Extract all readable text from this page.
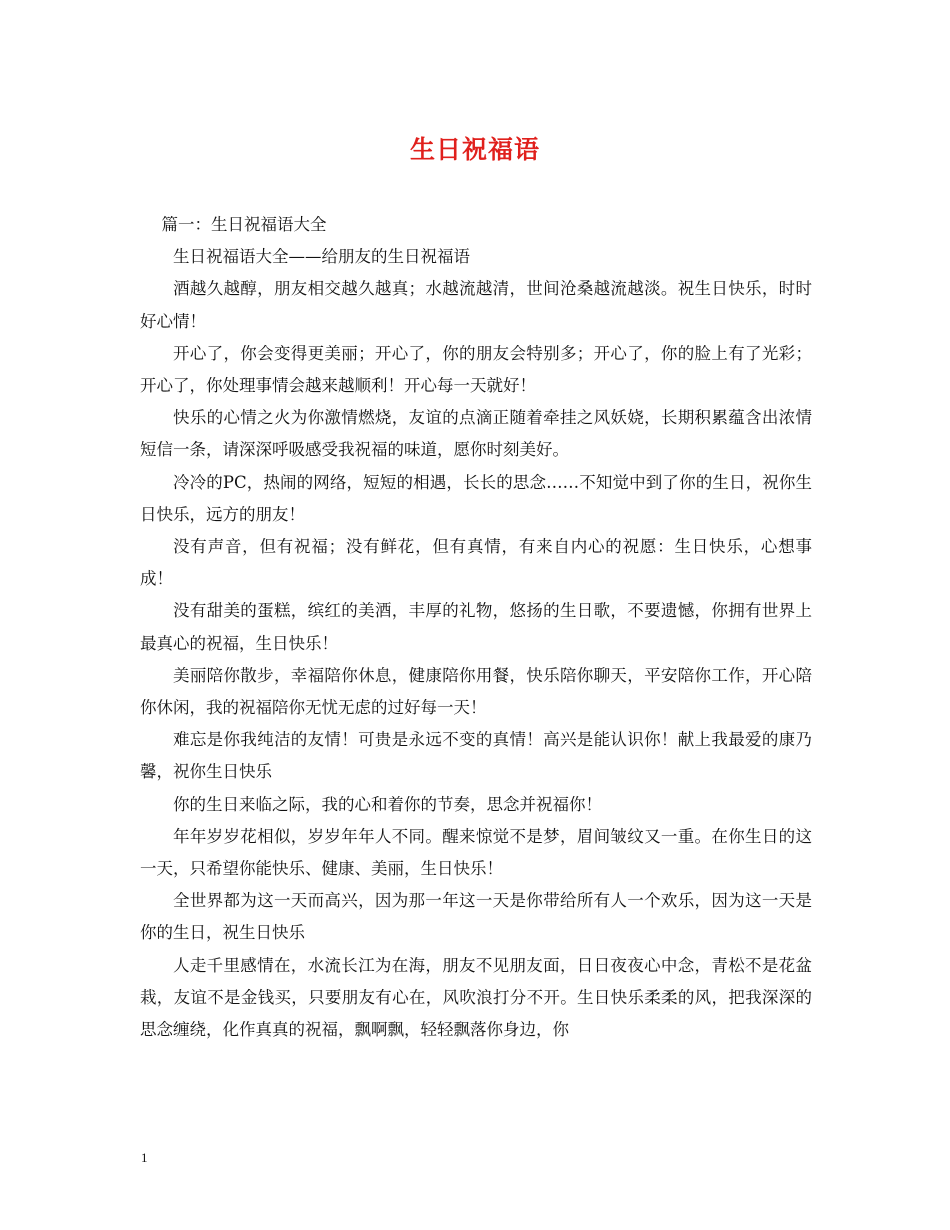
生日祝福语

篇一：生日祝福语大全

生日祝福语大全——给朋友的生日祝福语

酒越久越醇，朋友相交越久越真；水越流越清，世间沧桑越流越淡。祝生日快乐，时时好心情！

开心了，你会变得更美丽；开心了，你的朋友会特别多；开心了，你的脸上有了光彩；开心了，你处理事情会越来越顺利！开心每一天就好！

快乐的心情之火为你激情燃烧，友谊的点滴正随着牵挂之风妖娆，长期积累蕴含出浓情短信一条，请深深呼吸感受我祝福的味道，愿你时刻美好。

冷冷的PC，热闹的网络，短短的相遇，长长的思念……不知觉中到了你的生日，祝你生日快乐，远方的朋友！

没有声音，但有祝福；没有鲜花，但有真情，有来自内心的祝愿：生日快乐，心想事成！

没有甜美的蛋糕，缤红的美酒，丰厚的礼物，悠扬的生日歌，不要遗憾，你拥有世界上最真心的祝福，生日快乐！

美丽陪你散步，幸福陪你休息，健康陪你用餐，快乐陪你聊天，平安陪你工作，开心陪你休闲，我的祝福陪你无忧无虑的过好每一天！

难忘是你我纯洁的友情！可贵是永远不变的真情！高兴是能认识你！献上我最爱的康乃馨，祝你生日快乐

你的生日来临之际，我的心和着你的节奏，思念并祝福你！

年年岁岁花相似，岁岁年年人不同。醒来惊觉不是梦，眉间皱纹又一重。在你生日的这一天，只希望你能快乐、健康、美丽，生日快乐！

全世界都为这一天而高兴，因为那一年这一天是你带给所有人一个欢乐，因为这一天是你的生日，祝生日快乐

人走千里感情在，水流长江为在海，朋友不见朋友面，日日夜夜心中念，青松不是花盆栽，友谊不是金钱买，只要朋友有心在，风吹浪打分不开。生日快乐柔柔的风，把我深深的思念缠绕，化作真真的祝福，飘啊飘，轻轻飘落你身边，你

1
